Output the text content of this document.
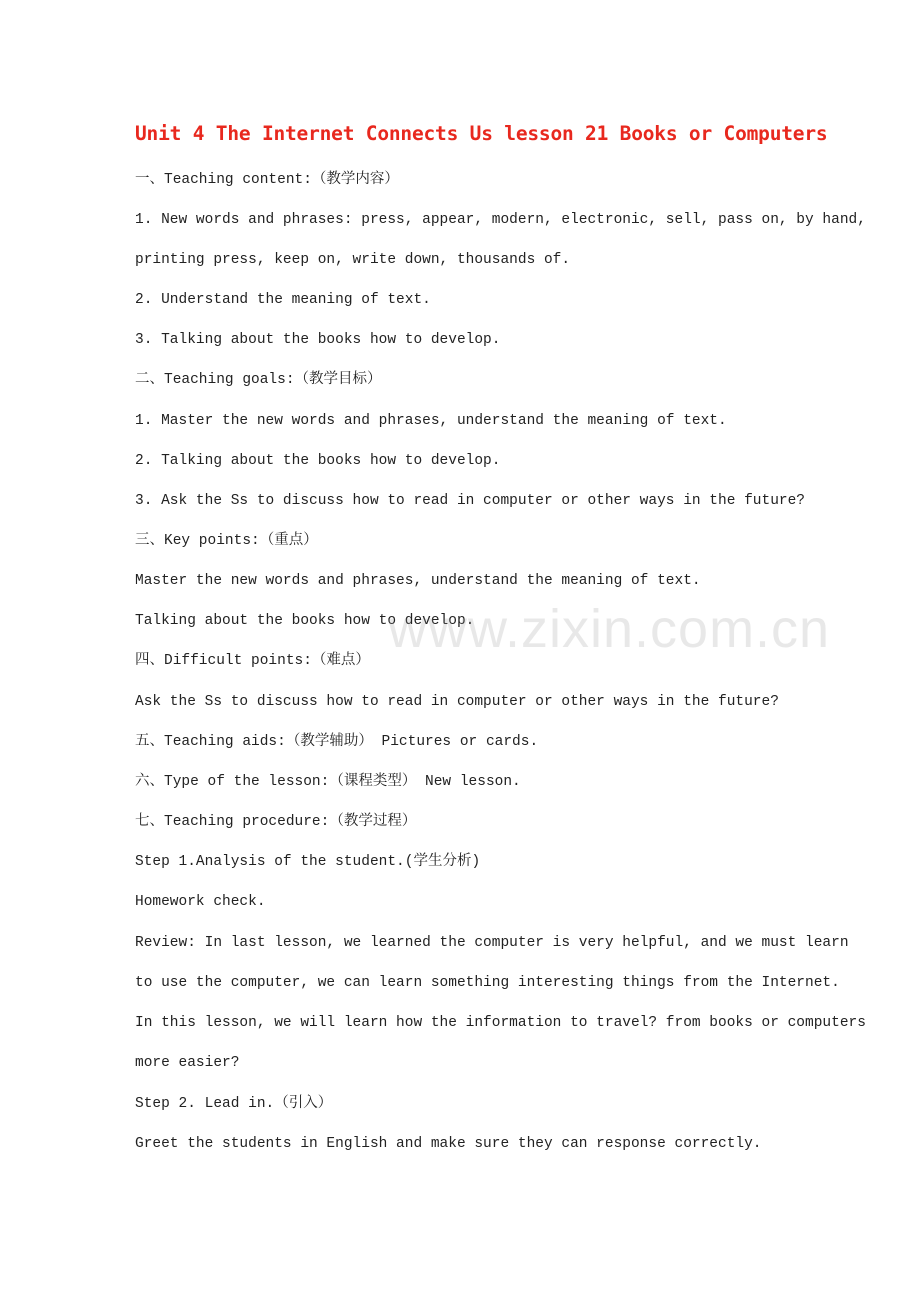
Unit 4 The Internet Connects Us lesson 21 Books or Computers
一、Teaching content:（教学内容）
1. New words and phrases: press, appear, modern, electronic, sell, pass on, by hand,
printing press, keep on, write down, thousands of.
2. Understand the meaning of text.
3. Talking about the books how to develop.
二、Teaching goals:（教学目标）
1. Master the new words and phrases, understand the meaning of text.
2. Talking about the books how to develop.
3. Ask the Ss to discuss how to read in computer or other ways in the future?
三、Key points:（重点）
Master the new words and phrases, understand the meaning of text.
Talking about the books how to develop.
四、Difficult points:（难点）
Ask the Ss to discuss how to read in computer or other ways in the future?
五、Teaching aids:（教学辅助） Pictures or cards.
六、Type of the lesson:（课程类型） New lesson.
七、Teaching procedure:（教学过程）
Step 1.Analysis of the student.(学生分析)
Homework check.
Review: In last lesson, we learned the computer is very helpful, and we must learn
to use the computer, we can learn something interesting things from the Internet.
In this lesson, we will learn how the information to travel? from books or computers
more easier?
Step 2. Lead in.（引入）
Greet the students in English and make sure they can response correctly.
www.zixin.com.cn
